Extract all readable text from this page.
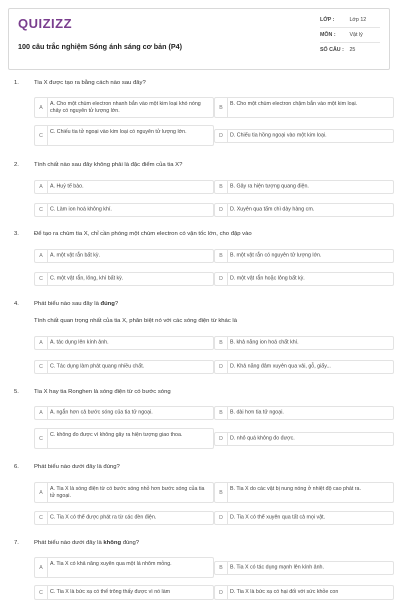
QUIZIZZ
100 câu trắc nghiệm Sóng ánh sáng cơ bản (P4)
LỚP :	Lớp 12
MÔN :	Vật lý
SỐ CÂU : 25
1.	Tia X được tạo ra bằng cách nào sau đây?
A
A. Cho một chùm electron nhanh bắn vào một kim loại khó nóng chảy có nguyên tử lượng lớn.
B
B. Cho một chùm electron chậm bắn vào một kim loại.
C
C. Chiếu tia tử ngoại vào kim loại có nguyên tử lượng lớn.
D	D. Chiếu tia hồng ngoại vào một kim loại.
2.	Tính chất nào sau đây không phải là đặc điểm của tia X?
A	A. Huỷ tế bào.	B	B. Gây ra hiện tượng quang điện.
C	C. Làm ion hoá không khí.	D	D. Xuyên qua tấm chì dày hàng cm.
3.	Để tạo ra chùm tia X, chỉ cần phóng một chùm electron có vận tốc lớn, cho đập vào
A	A. một vật rắn bất kỳ.	B	B. một vật rắn có nguyên tử lượng lớn.
C	C. một vật rắn, lỏng, khí bất kỳ.	D	D. một vật rắn hoặc lỏng bất kỳ.
4.	Phát biểu nào sau đây là đúng?
Tính chất quan trọng nhất của tia X, phân biệt nó với các sóng điện từ khác là
A	A. tác dụng lên kính ảnh.	B	B. khả năng ion hoá chất khí.
C	C. Tác dụng làm phát quang nhiều chất.	D	D. Khả năng đâm xuyên qua vải, gỗ, giấy...
5.	Tia X hay tia Ronghen là sóng điện từ có bước sóng
A	A. ngắn hơn cả bước sóng của tia tử ngoại.	B	B. dài hơn tia tử ngoại.
C
C. không đo được vì không gây ra hiện tượng giao thoa.
D	D. nhỏ quá không đo được.
6.	Phát biểu nào dưới đây là đúng?
A
A. Tia X là sóng điện từ có bước sóng nhỏ hơn bước sóng của tia tử ngoại.
B
B. Tia X do các vật bị nung nóng ở nhiệt độ cao phát ra.
C	C. Tia X có thể được phát ra từ các đèn điện.	D	D. Tia X có thể xuyên qua tất cả mọi vật.
7.	Phát biểu nào dưới đây là không đúng?
A
A. Tia X có khả năng xuyên qua một lá nhôm mỏng.
B	B. Tia X có tác dụng mạnh lên kính ảnh.
C	C. Tia X là bức xạ có thể trông thấy được vì nó làm	D	D. Tia X là bức xạ có hại đối với sức khỏe con
